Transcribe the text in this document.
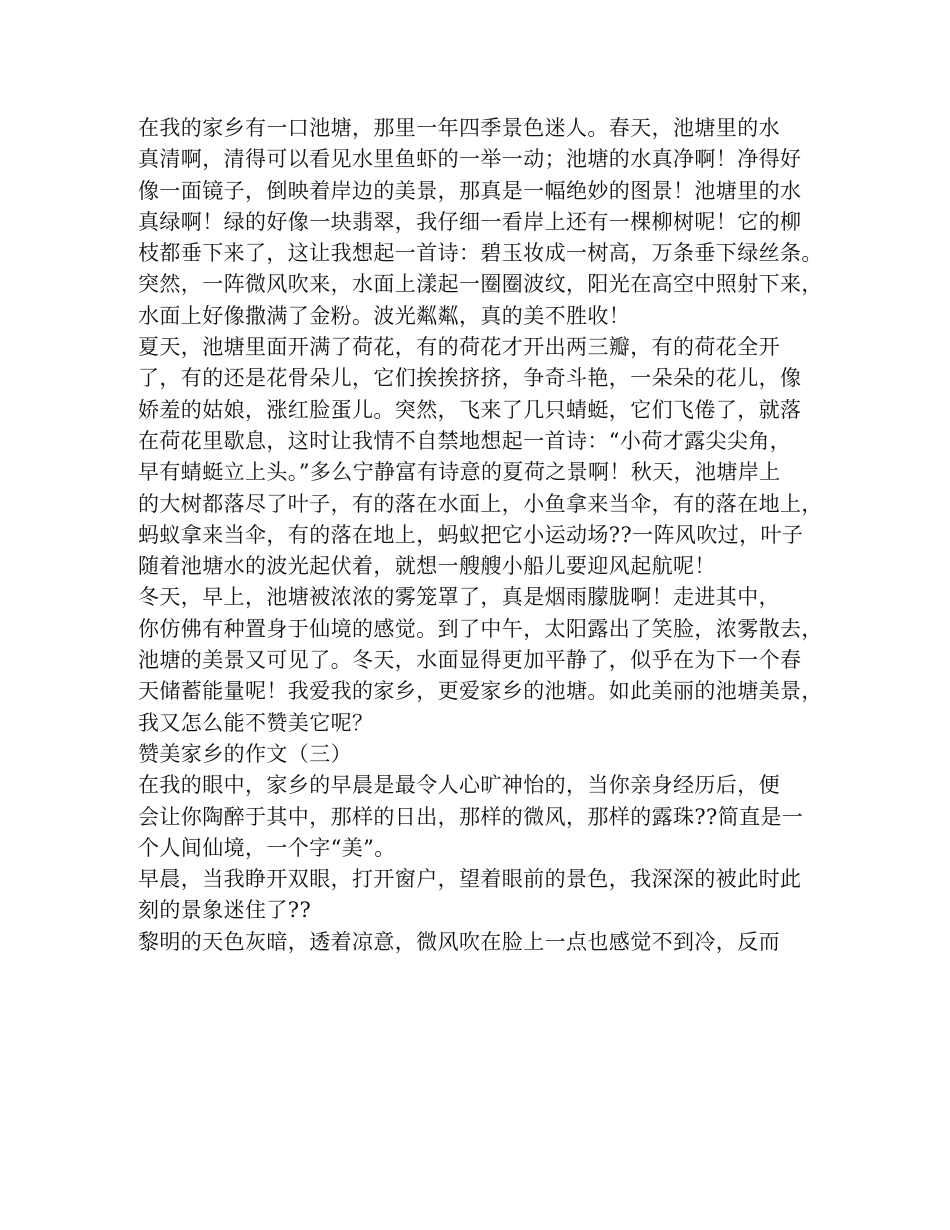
在我的家乡有一口池塘，那里一年四季景色迷人。春天，池塘里的水
真清啊，清得可以看见水里鱼虾的一举一动；池塘的水真净啊！净得好
像一面镜子，倒映着岸边的美景，那真是一幅绝妙的图景！池塘里的水
真绿啊！绿的好像一块翡翠，我仔细一看岸上还有一棵柳树呢！它的柳
枝都垂下来了，这让我想起一首诗：碧玉妆成一树高，万条垂下绿丝条。
突然，一阵微风吹来，水面上漾起一圈圈波纹，阳光在高空中照射下来，
水面上好像撒满了金粉。波光粼粼，真的美不胜收！
夏天，池塘里面开满了荷花，有的荷花才开出两三瓣，有的荷花全开
了，有的还是花骨朵儿，它们挨挨挤挤，争奇斗艳，一朵朵的花儿，像
娇羞的姑娘，涨红脸蛋儿。突然，飞来了几只蜻蜓，它们飞倦了，就落
在荷花里歇息，这时让我情不自禁地想起一首诗：“小荷才露尖尖角，
早有蜻蜓立上头。”多么宁静富有诗意的夏荷之景啊！秋天，池塘岸上
的大树都落尽了叶子，有的落在水面上，小鱼拿来当伞，有的落在地上，
蚂蚁拿来当伞，有的落在地上，蚂蚁把它小运动场??一阵风吹过，叶子
随着池塘水的波光起伏着，就想一艘艘小船儿要迎风起航呢！
冬天，早上，池塘被浓浓的雾笼罩了，真是烟雨朦胧啊！走进其中，
你仿佛有种置身于仙境的感觉。到了中午，太阳露出了笑脸，浓雾散去，
池塘的美景又可见了。冬天，水面显得更加平静了，似乎在为下一个春
天储蓄能量呢！我爱我的家乡，更爱家乡的池塘。如此美丽的池塘美景，
我又怎么能不赞美它呢？
赞美家乡的作文（三）
在我的眼中，家乡的早晨是最令人心旷神怡的，当你亲身经历后，便
会让你陶醉于其中，那样的日出，那样的微风，那样的露珠??简直是一
个人间仙境，一个字“美”。
早晨，当我睁开双眼，打开窗户，望着眼前的景色，我深深的被此时此
刻的景象迷住了??
黎明的天色灰暗，透着凉意，微风吹在脸上一点也感觉不到冷，反而
